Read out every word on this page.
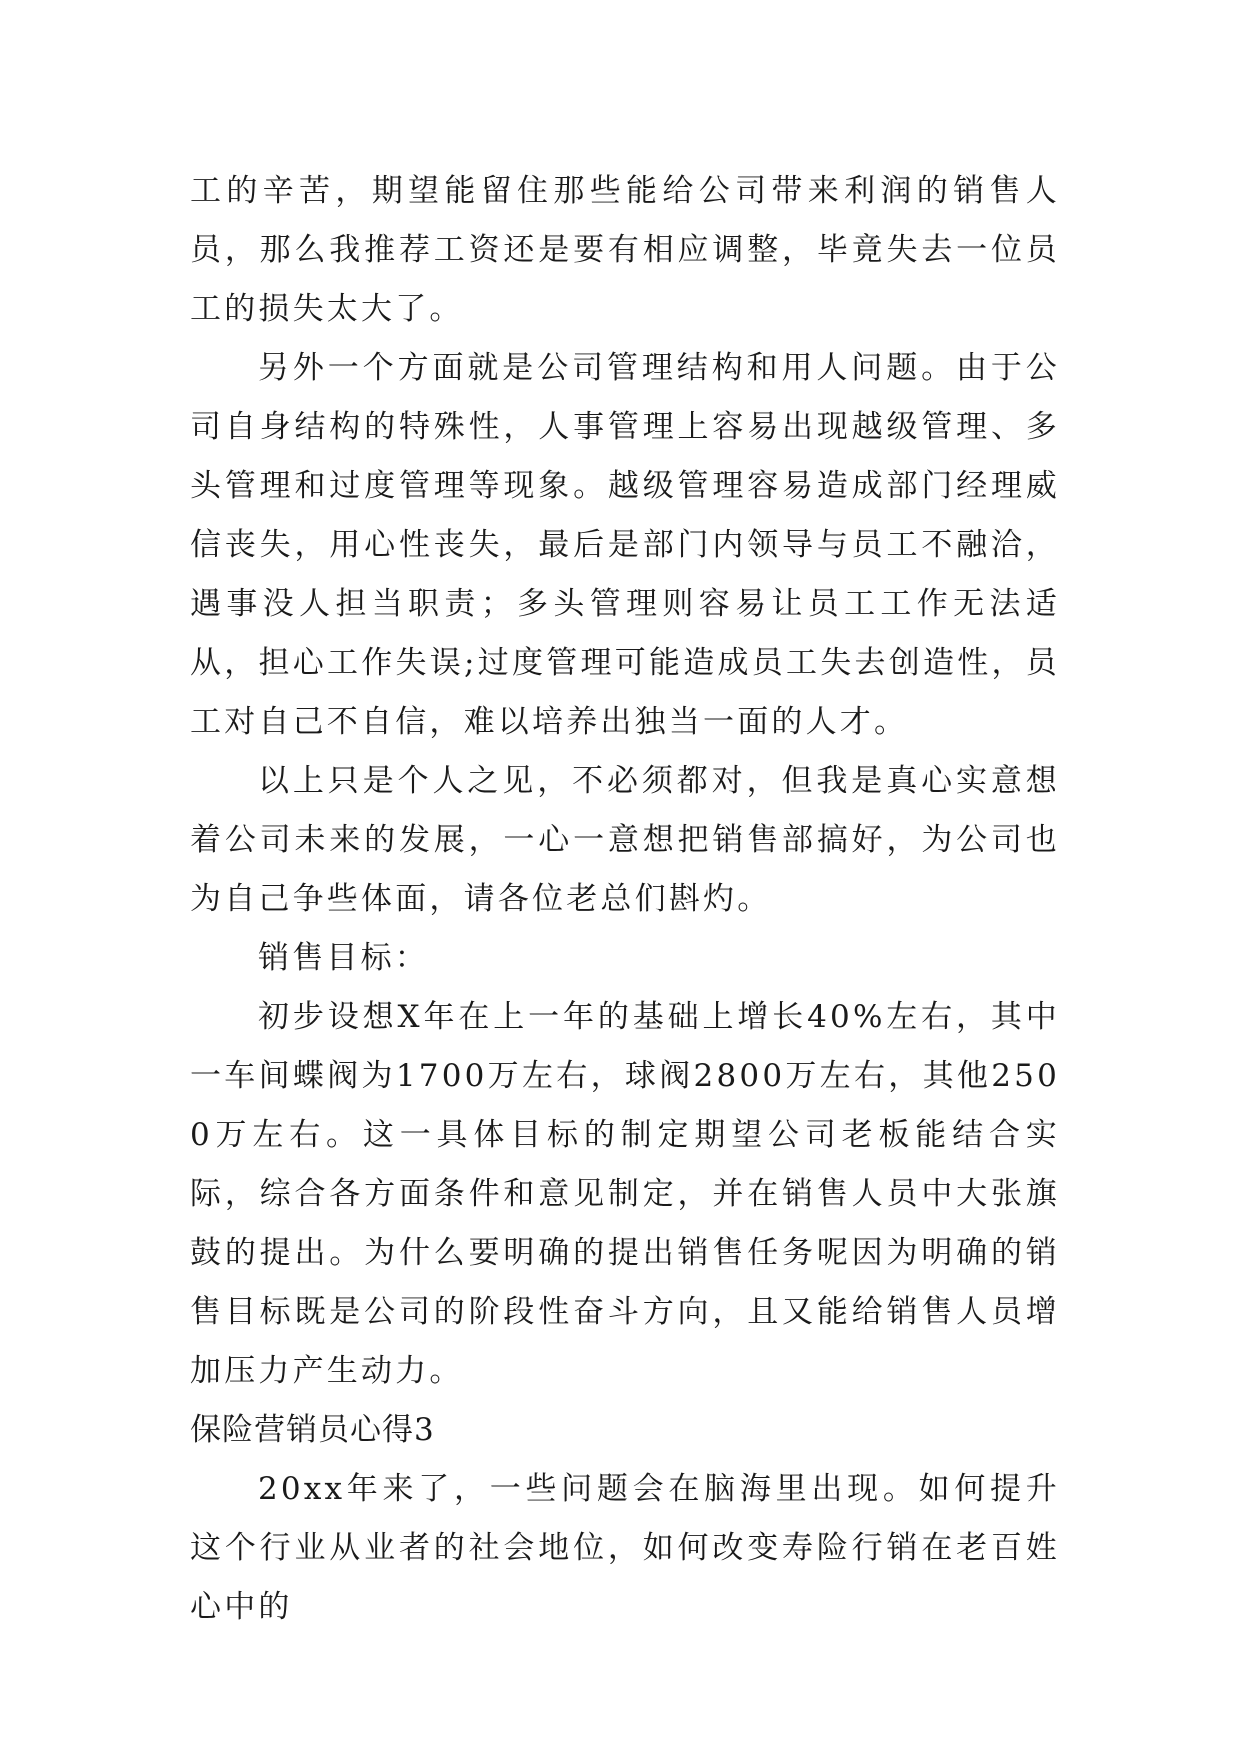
工的辛苦，期望能留住那些能给公司带来利润的销售人员，那么我推荐工资还是要有相应调整，毕竟失去一位员工的损失太大了。

另外一个方面就是公司管理结构和用人问题。由于公司自身结构的特殊性，人事管理上容易出现越级管理、多头管理和过度管理等现象。越级管理容易造成部门经理威信丧失，用心性丧失，最后是部门内领导与员工不融洽，遇事没人担当职责；多头管理则容易让员工工作无法适从，担心工作失误;过度管理可能造成员工失去创造性，员工对自己不自信，难以培养出独当一面的人才。

以上只是个人之见，不必须都对，但我是真心实意想着公司未来的发展，一心一意想把销售部搞好，为公司也为自己争些体面，请各位老总们斟灼。

销售目标：

初步设想X年在上一年的基础上增长40%左右，其中一车间蝶阀为1700万左右，球阀2800万左右，其他2500万左右。这一具体目标的制定期望公司老板能结合实际，综合各方面条件和意见制定，并在销售人员中大张旗鼓的提出。为什么要明确的提出销售任务呢因为明确的销售目标既是公司的阶段性奋斗方向，且又能给销售人员增加压力产生动力。

保险营销员心得3

20xx年来了，一些问题会在脑海里出现。如何提升这个行业从业者的社会地位，如何改变寿险行销在老百姓心中的
